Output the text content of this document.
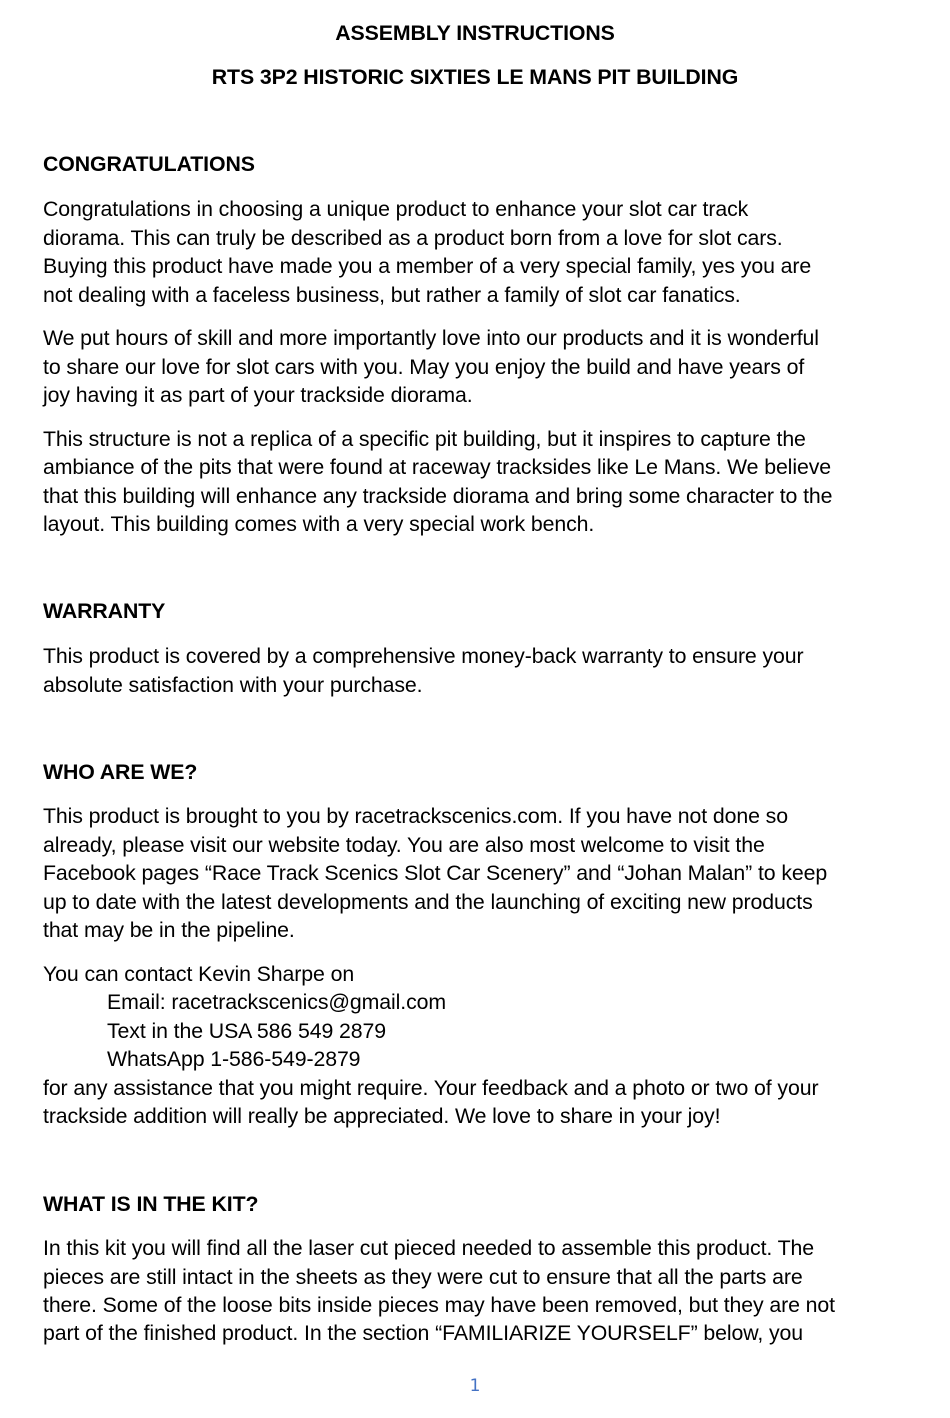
ASSEMBLY INSTRUCTIONS
RTS 3P2 HISTORIC SIXTIES LE MANS PIT BUILDING
CONGRATULATIONS
Congratulations in choosing a unique product to enhance your slot car track
diorama. This can truly be described as a product born from a love for slot cars.
Buying this product have made you a member of a very special family, yes you are
not dealing with a faceless business, but rather a family of slot car fanatics.
We put hours of skill and more importantly love into our products and it is wonderful
to share our love for slot cars with you. May you enjoy the build and have years of
joy having it as part of your trackside diorama.
This structure is not a replica of a specific pit building, but it inspires to capture the
ambiance of the pits that were found at raceway tracksides like Le Mans. We believe
that this building will enhance any trackside diorama and bring some character to the
layout. This building comes with a very special work bench.
WARRANTY
This product is covered by a comprehensive money-back warranty to ensure your
absolute satisfaction with your purchase.
WHO ARE WE?
This product is brought to you by racetrackscenics.com. If you have not done so
already, please visit our website today. You are also most welcome to visit the
Facebook pages “Race Track Scenics Slot Car Scenery” and “Johan Malan” to keep
up to date with the latest developments and the launching of exciting new products
that may be in the pipeline.
You can contact Kevin Sharpe on
Email: racetrackscenics@gmail.com
Text in the USA 586 549 2879
WhatsApp 1-586-549-2879
for any assistance that you might require. Your feedback and a photo or two of your
trackside addition will really be appreciated. We love to share in your joy!
WHAT IS IN THE KIT?
In this kit you will find all the laser cut pieced needed to assemble this product. The
pieces are still intact in the sheets as they were cut to ensure that all the parts are
there. Some of the loose bits inside pieces may have been removed, but they are not
part of the finished product. In the section “FAMILIARIZE YOURSELF” below, you
1
